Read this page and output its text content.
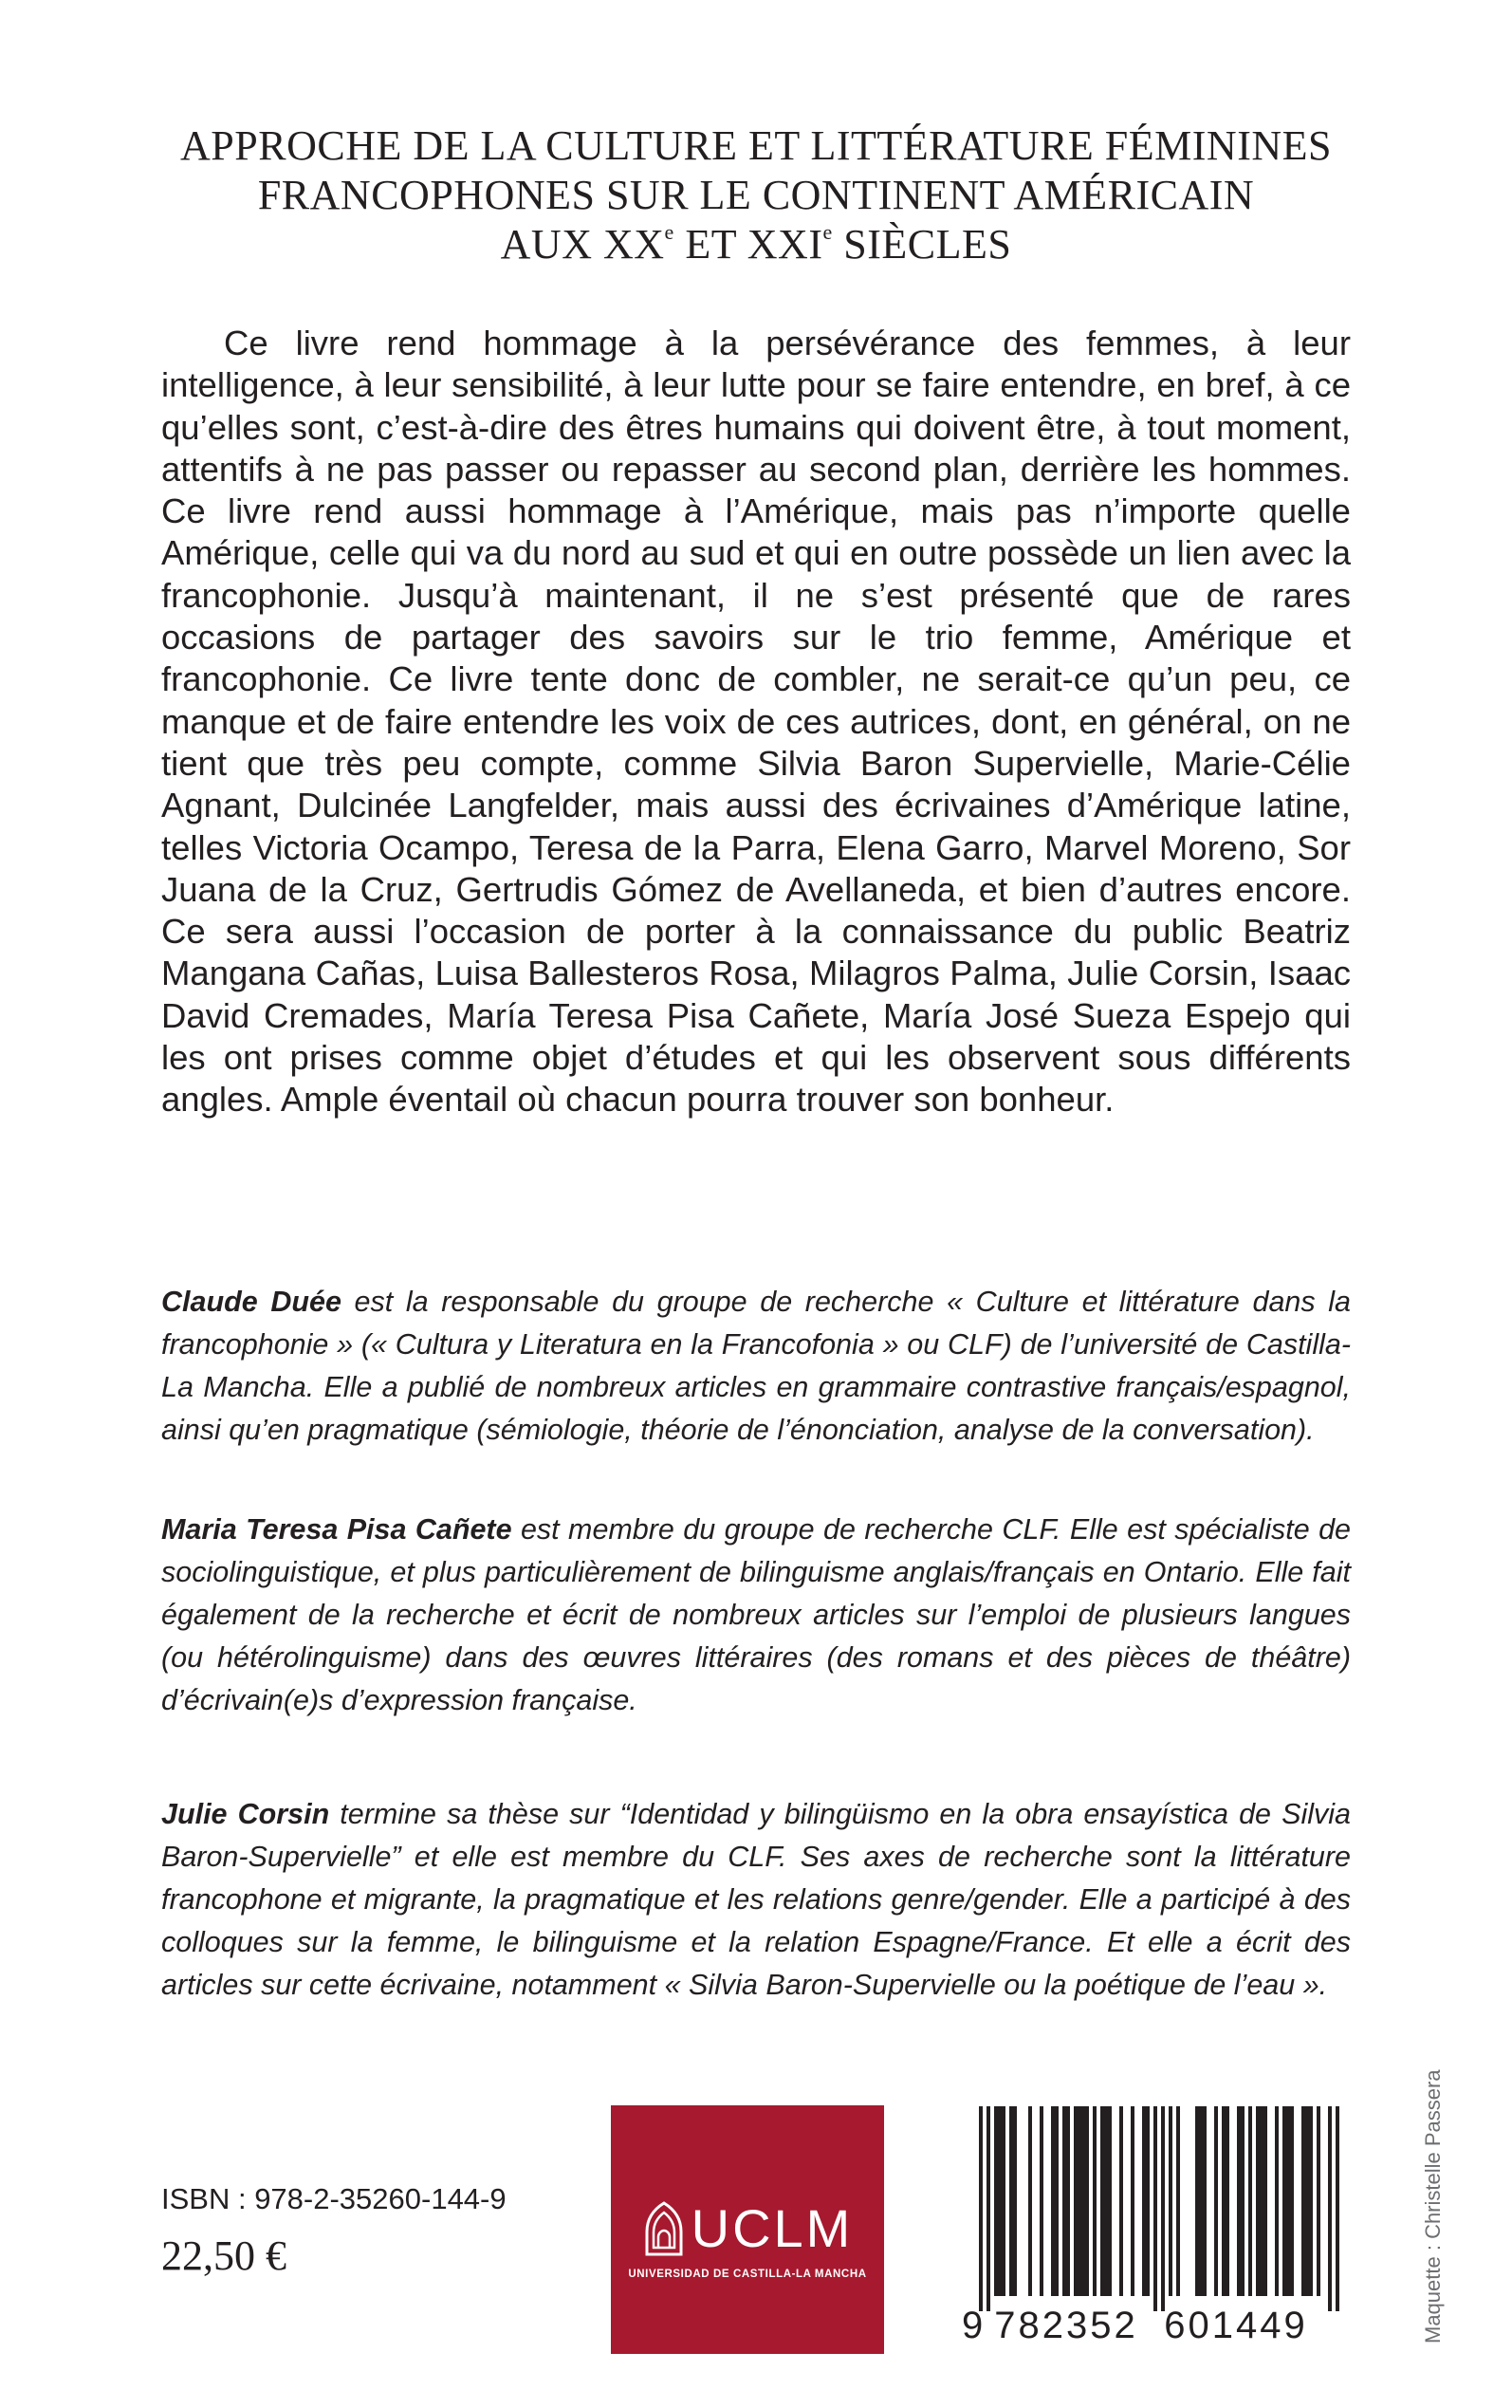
APPROCHE DE LA CULTURE ET LITTÉRATURE FÉMININES
FRANCOPHONES SUR LE CONTINENT AMÉRICAIN
AUX XXe ET XXIe SIÈCLES

Ce livre rend hommage à la persévérance des femmes, à leur intelligence, à leur sensibilité, à leur lutte pour se faire entendre, en bref, à ce qu’elles sont, c’est-à-dire des êtres humains qui doivent être, à tout moment, attentifs à ne pas passer ou repasser au second plan, derrière les hommes. Ce livre rend aussi hommage à l’Amérique, mais pas n’importe quelle Amérique, celle qui va du nord au sud et qui en outre possède un lien avec la francophonie. Jusqu’à maintenant, il ne s’est présenté que de rares occasions de partager des savoirs sur le trio femme, Amérique et francophonie. Ce livre tente donc de combler, ne serait-ce qu’un peu, ce manque et de faire entendre les voix de ces autrices, dont, en général, on ne tient que très peu compte, comme Silvia Baron Supervielle, Marie-Célie Agnant, Dulcinée Langfelder, mais aussi des écrivaines d’Amérique latine, telles Victoria Ocampo, Teresa de la Parra, Elena Garro, Marvel Moreno, Sor Juana de la Cruz, Gertrudis Gómez de Avellaneda, et bien d’autres encore. Ce sera aussi l’occasion de porter à la connaissance du public Beatriz Mangana Cañas, Luisa Ballesteros Rosa, Milagros Palma, Julie Corsin, Isaac David Cremades, María Teresa Pisa Cañete, María José Sueza Espejo qui les ont prises comme objet d’études et qui les observent sous différents angles. Ample éventail où chacun pourra trouver son bonheur.

Claude Duée est la responsable du groupe de recherche « Culture et littérature dans la francophonie » (« Cultura y Literatura en la Francofonia » ou CLF) de l’université de Castilla-La Mancha. Elle a publié de nombreux articles en grammaire contrastive français/espagnol, ainsi qu’en pragmatique (sémiologie, théorie de l’énonciation, analyse de la conversation).

Maria Teresa Pisa Cañete est membre du groupe de recherche CLF. Elle est spécialiste de sociolinguistique, et plus particulièrement de bilinguisme anglais/français en Ontario. Elle fait également de la recherche et écrit de nombreux articles sur l’emploi de plusieurs langues (ou hétérolinguisme) dans des œuvres littéraires (des romans et des pièces de théâtre) d’écrivain(e)s d’expression française.

Julie Corsin termine sa thèse sur “Identidad y bilingüismo en la obra ensayística de Silvia Baron-Supervielle” et elle est membre du CLF. Ses axes de recherche sont la littérature francophone et migrante, la pragmatique et les relations genre/gender. Elle a participé à des colloques sur la femme, le bilinguisme et la relation Espagne/France. Et elle a écrit des articles sur cette écrivaine, notamment « Silvia Baron-Supervielle ou la poétique de l’eau ».

ISBN : 978-2-35260-144-9
22,50 €	UCLM
UNIVERSIDAD DE CASTILLA-LA MANCHA
9 782352 601449	Maquette : Christelle Passera
